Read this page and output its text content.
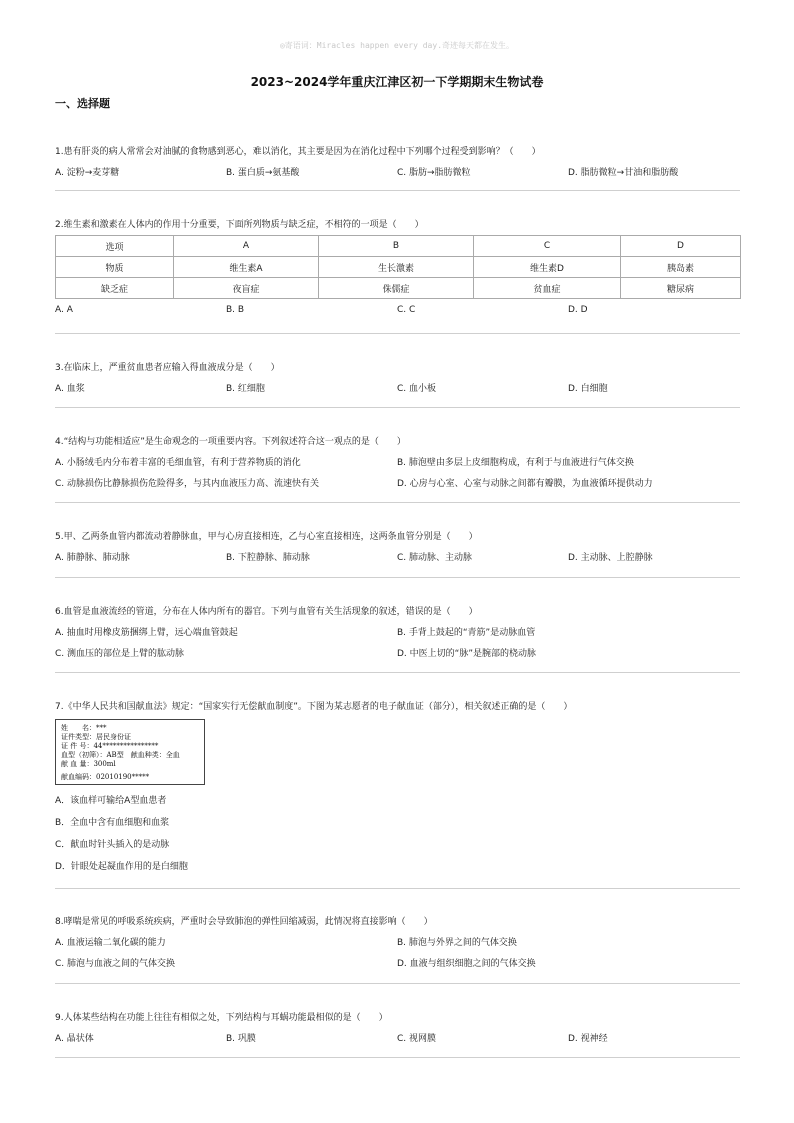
◎寄语词：Miracles happen every day.奇迹每天都在发生。
2023~2024学年重庆江津区初一下学期期末生物试卷
一、选择题
1.患有肝炎的病人常常会对油腻的食物感到恶心，难以消化，其主要是因为在消化过程中下列哪个过程受到影响？（　　）
A. 淀粉→麦芽糖	B. 蛋白质→氨基酸	C. 脂肪→脂肪微粒	D. 脂肪微粒→甘油和脂肪酸
2.维生素和激素在人体内的作用十分重要，下面所列物质与缺乏症，不相符的一项是（　　）
选项	A	B	C	D
物质	维生素A	生长激素	维生素D	胰岛素
缺乏症	夜盲症	侏儒症	贫血症	糖尿病
A. A	B. B	C. C	D. D
3.在临床上，严重贫血患者应输入得血液成分是（　　）
A. 血浆	B. 红细胞	C. 血小板	D. 白细胞
4.“结构与功能相适应”是生命观念的一项重要内容。下列叙述符合这一观点的是（　　）
A. 小肠绒毛内分布着丰富的毛细血管，有利于营养物质的消化	B. 肺泡壁由多层上皮细胞构成，有利于与血液进行气体交换
C. 动脉损伤比静脉损伤危险得多，与其内血液压力高、流速快有关	D. 心房与心室、心室与动脉之间都有瓣膜，为血液循环提供动力
5.甲、乙两条血管内都流动着静脉血，甲与心房直接相连，乙与心室直接相连，这两条血管分别是（　　）
A. 肺静脉、肺动脉	B. 下腔静脉、肺动脉	C. 肺动脉、主动脉	D. 主动脉、上腔静脉
6.血管是血液流经的管道，分布在人体内所有的器官。下列与血管有关生活现象的叙述，错误的是（　　）
A. 抽血时用橡皮筋捆绑上臂，远心端血管鼓起	B. 手背上鼓起的“青筋”是动脉血管
C. 测血压的部位是上臂的肱动脉	D. 中医上切的“脉”是腕部的桡动脉
7.《中华人民共和国献血法》规定：“国家实行无偿献血制度”。下图为某志愿者的电子献血证（部分），相关叙述正确的是（　　）
姓　　名：***
证件类型：居民身份证
证 件 号：44****************
血型（初筛）：AB型　献血种类：全血
献 血 量：300ml
献血编码：02010190*****
A．该血样可输给A型血患者
B．全血中含有血细胞和血浆
C．献血时针头插入的是动脉
D．针眼处起凝血作用的是白细胞
8.哮喘是常见的呼吸系统疾病，严重时会导致肺泡的弹性回缩减弱，此情况将直接影响（　　）
A. 血液运输二氧化碳的能力	B. 肺泡与外界之间的气体交换
C. 肺泡与血液之间的气体交换	D. 血液与组织细胞之间的气体交换
9.人体某些结构在功能上往往有相似之处，下列结构与耳蜗功能最相似的是（　　）
A. 晶状体	B. 巩膜	C. 视网膜	D. 视神经
